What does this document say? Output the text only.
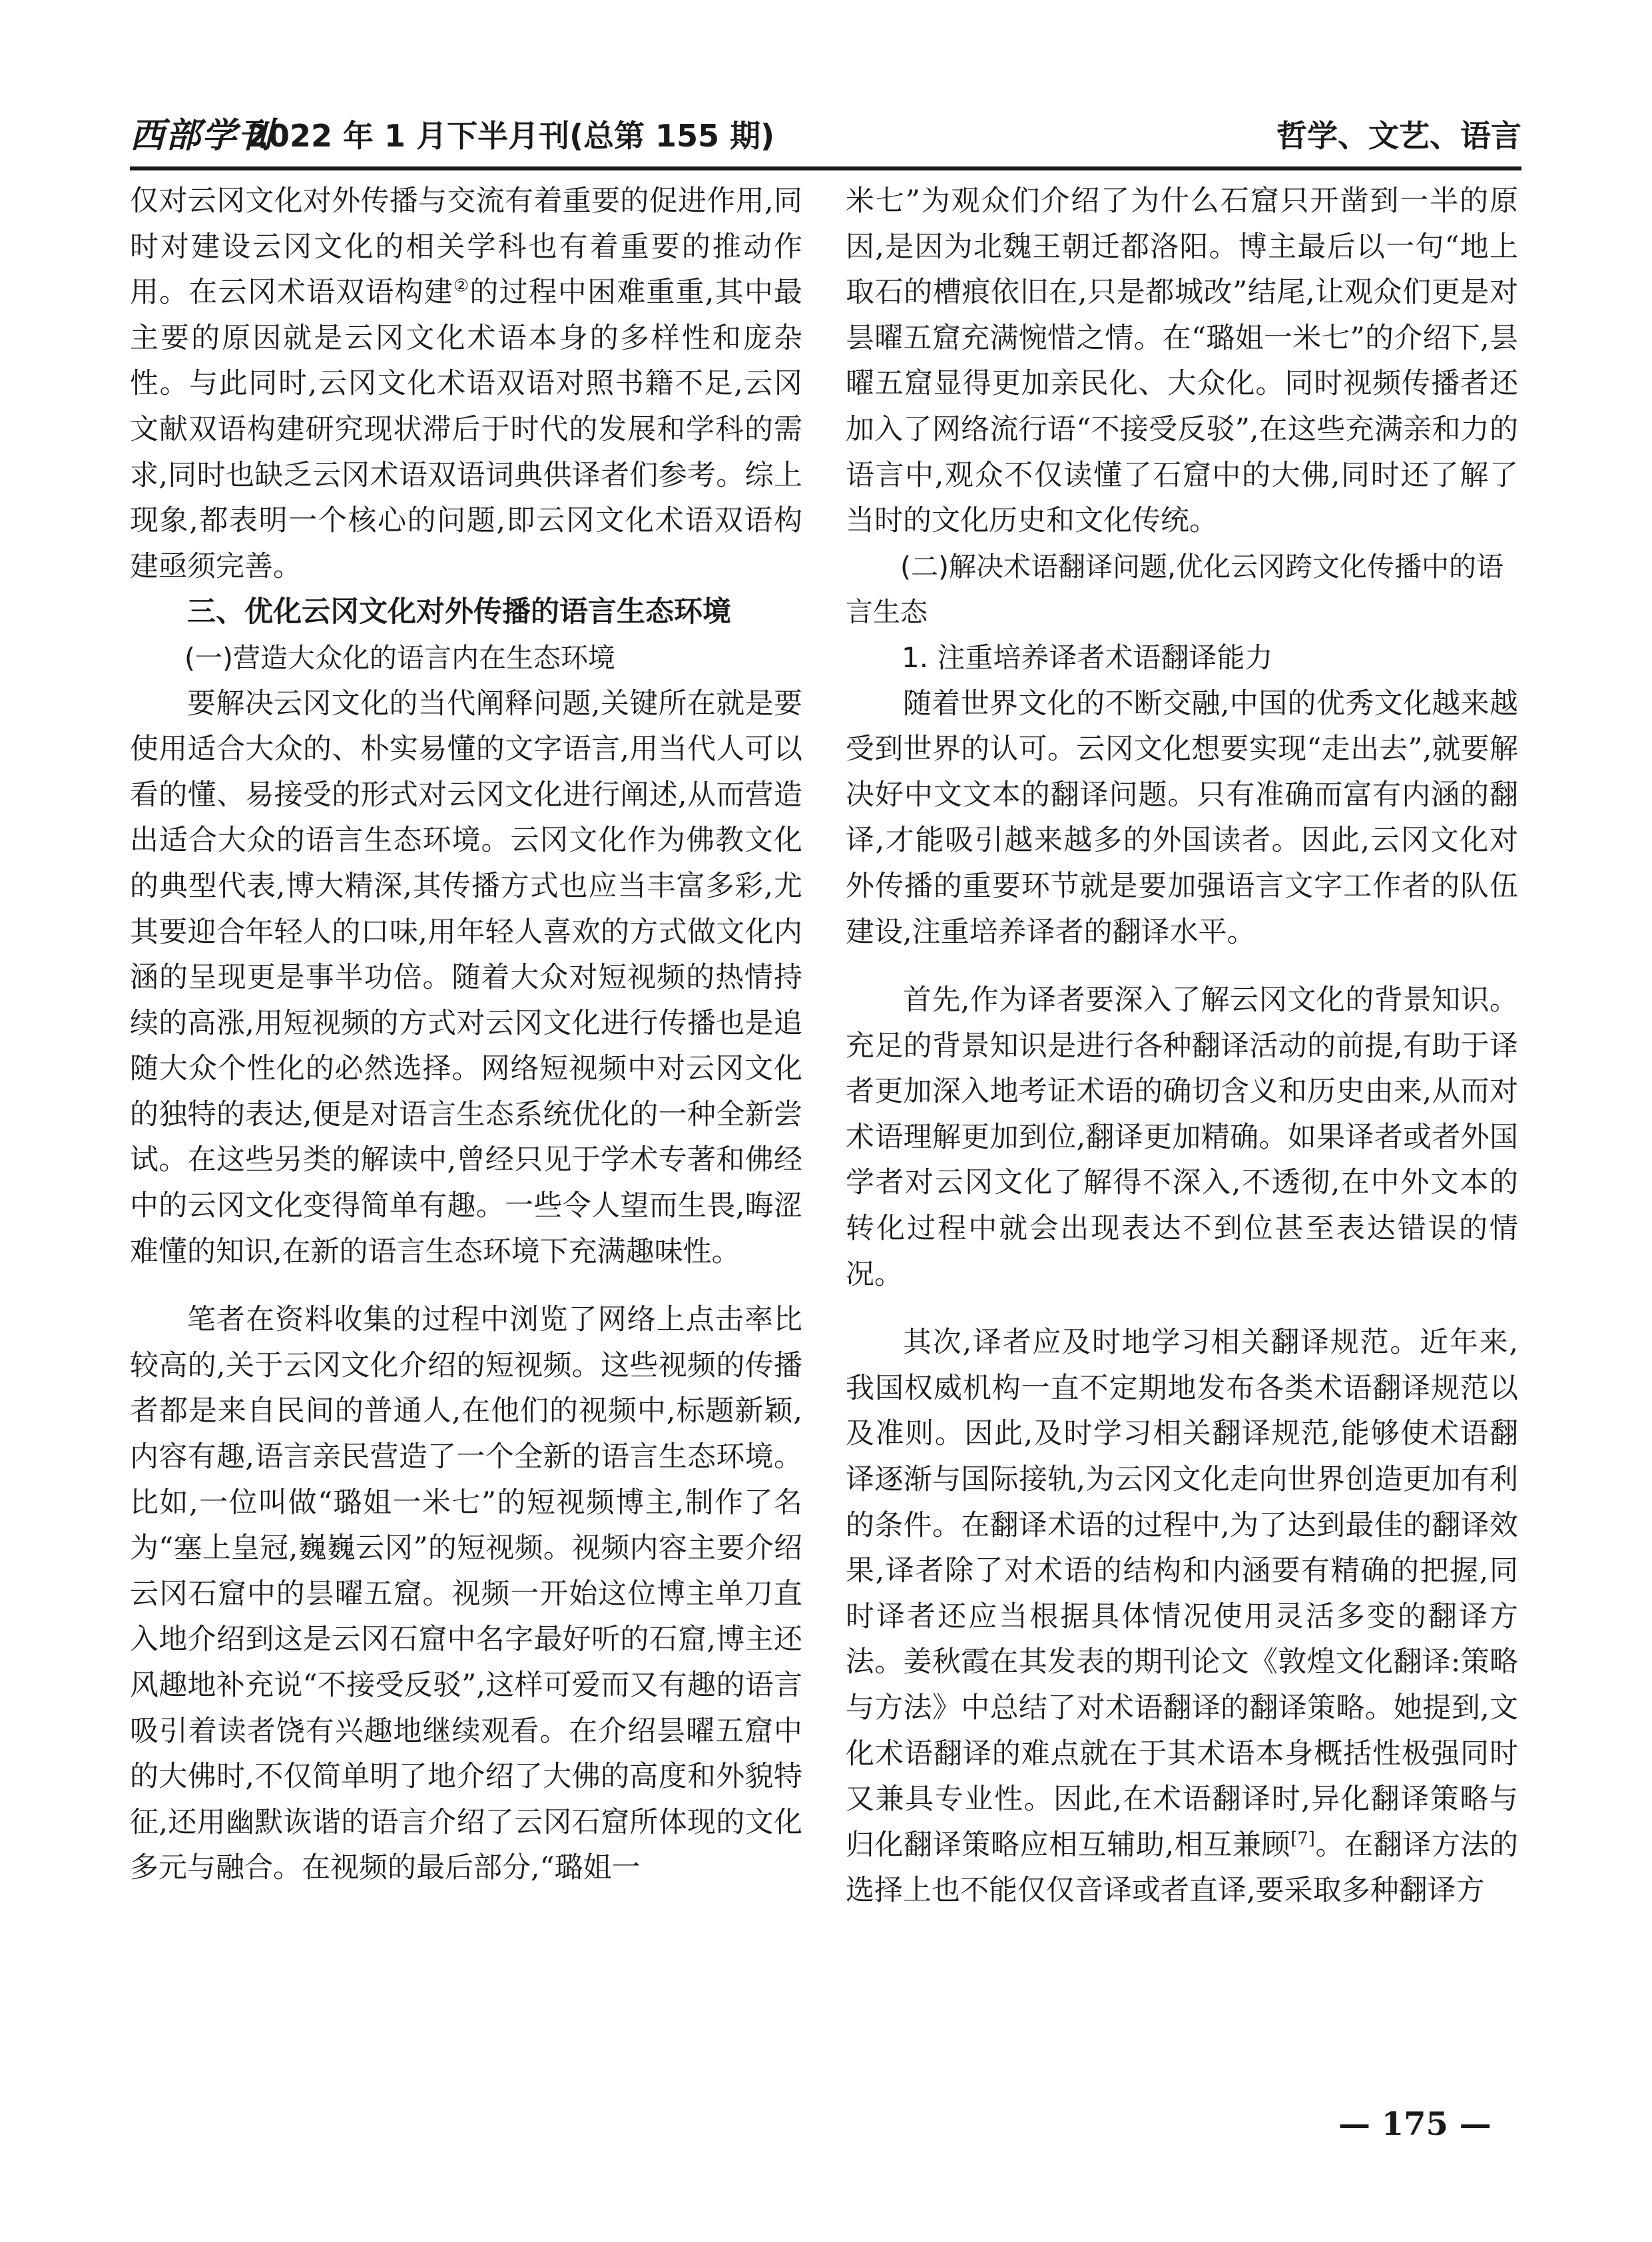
西部学刊
2022 年 1 月下半月刊(总第 155 期)	哲学、文艺、语言

仅对云冈文化对外传播与交流有着重要的促进作用,同时对建设云冈文化的相关学科也有着重要的推动作用。在云冈术语双语构建②的过程中困难重重,其中最主要的原因就是云冈文化术语本身的多样性和庞杂性。与此同时,云冈文化术语双语对照书籍不足,云冈文献双语构建研究现状滞后于时代的发展和学科的需求,同时也缺乏云冈术语双语词典供译者们参考。综上现象,都表明一个核心的问题,即云冈文化术语双语构建亟须完善。

三、优化云冈文化对外传播的语言生态环境
(一)营造大众化的语言内在生态环境

要解决云冈文化的当代阐释问题,关键所在就是要使用适合大众的、朴实易懂的文字语言,用当代人可以看的懂、易接受的形式对云冈文化进行阐述,从而营造出适合大众的语言生态环境。云冈文化作为佛教文化的典型代表,博大精深,其传播方式也应当丰富多彩,尤其要迎合年轻人的口味,用年轻人喜欢的方式做文化内涵的呈现更是事半功倍。随着大众对短视频的热情持续的高涨,用短视频的方式对云冈文化进行传播也是追随大众个性化的必然选择。网络短视频中对云冈文化的独特的表达,便是对语言生态系统优化的一种全新尝试。在这些另类的解读中,曾经只见于学术专著和佛经中的云冈文化变得简单有趣。一些令人望而生畏,晦涩难懂的知识,在新的语言生态环境下充满趣味性。

笔者在资料收集的过程中浏览了网络上点击率比较高的,关于云冈文化介绍的短视频。这些视频的传播者都是来自民间的普通人,在他们的视频中,标题新颖,内容有趣,语言亲民营造了一个全新的语言生态环境。比如,一位叫做“璐姐一米七”的短视频博主,制作了名为“塞上皇冠,巍巍云冈”的短视频。视频内容主要介绍云冈石窟中的昙曜五窟。视频一开始这位博主单刀直入地介绍到这是云冈石窟中名字最好听的石窟,博主还风趣地补充说“不接受反驳”,这样可爱而又有趣的语言吸引着读者饶有兴趣地继续观看。在介绍昙曜五窟中的大佛时,不仅简单明了地介绍了大佛的高度和外貌特征,还用幽默诙谐的语言介绍了云冈石窟所体现的文化多元与融合。在视频的最后部分,“璐姐一

米七”为观众们介绍了为什么石窟只开凿到一半的原因,是因为北魏王朝迁都洛阳。博主最后以一句“地上取石的槽痕依旧在,只是都城改”结尾,让观众们更是对昙曜五窟充满惋惜之情。在“璐姐一米七”的介绍下,昙曜五窟显得更加亲民化、大众化。同时视频传播者还加入了网络流行语“不接受反驳”,在这些充满亲和力的语言中,观众不仅读懂了石窟中的大佛,同时还了解了当时的文化历史和文化传统。

(二)解决术语翻译问题,优化云冈跨文化传播中的语言生态
1. 注重培养译者术语翻译能力

随着世界文化的不断交融,中国的优秀文化越来越受到世界的认可。云冈文化想要实现“走出去”,就要解决好中文文本的翻译问题。只有准确而富有内涵的翻译,才能吸引越来越多的外国读者。因此,云冈文化对外传播的重要环节就是要加强语言文字工作者的队伍建设,注重培养译者的翻译水平。

首先,作为译者要深入了解云冈文化的背景知识。充足的背景知识是进行各种翻译活动的前提,有助于译者更加深入地考证术语的确切含义和历史由来,从而对术语理解更加到位,翻译更加精确。如果译者或者外国学者对云冈文化了解得不深入,不透彻,在中外文本的转化过程中就会出现表达不到位甚至表达错误的情况。

其次,译者应及时地学习相关翻译规范。近年来,我国权威机构一直不定期地发布各类术语翻译规范以及准则。因此,及时学习相关翻译规范,能够使术语翻译逐渐与国际接轨,为云冈文化走向世界创造更加有利的条件。在翻译术语的过程中,为了达到最佳的翻译效果,译者除了对术语的结构和内涵要有精确的把握,同时译者还应当根据具体情况使用灵活多变的翻译方法。姜秋霞在其发表的期刊论文《敦煌文化翻译:策略与方法》中总结了对术语翻译的翻译策略。她提到,文化术语翻译的难点就在于其术语本身概括性极强同时又兼具专业性。因此,在术语翻译时,异化翻译策略与归化翻译策略应相互辅助,相互兼顾[7]。在翻译方法的选择上也不能仅仅音译或者直译,要采取多种翻译方

— 175 —
